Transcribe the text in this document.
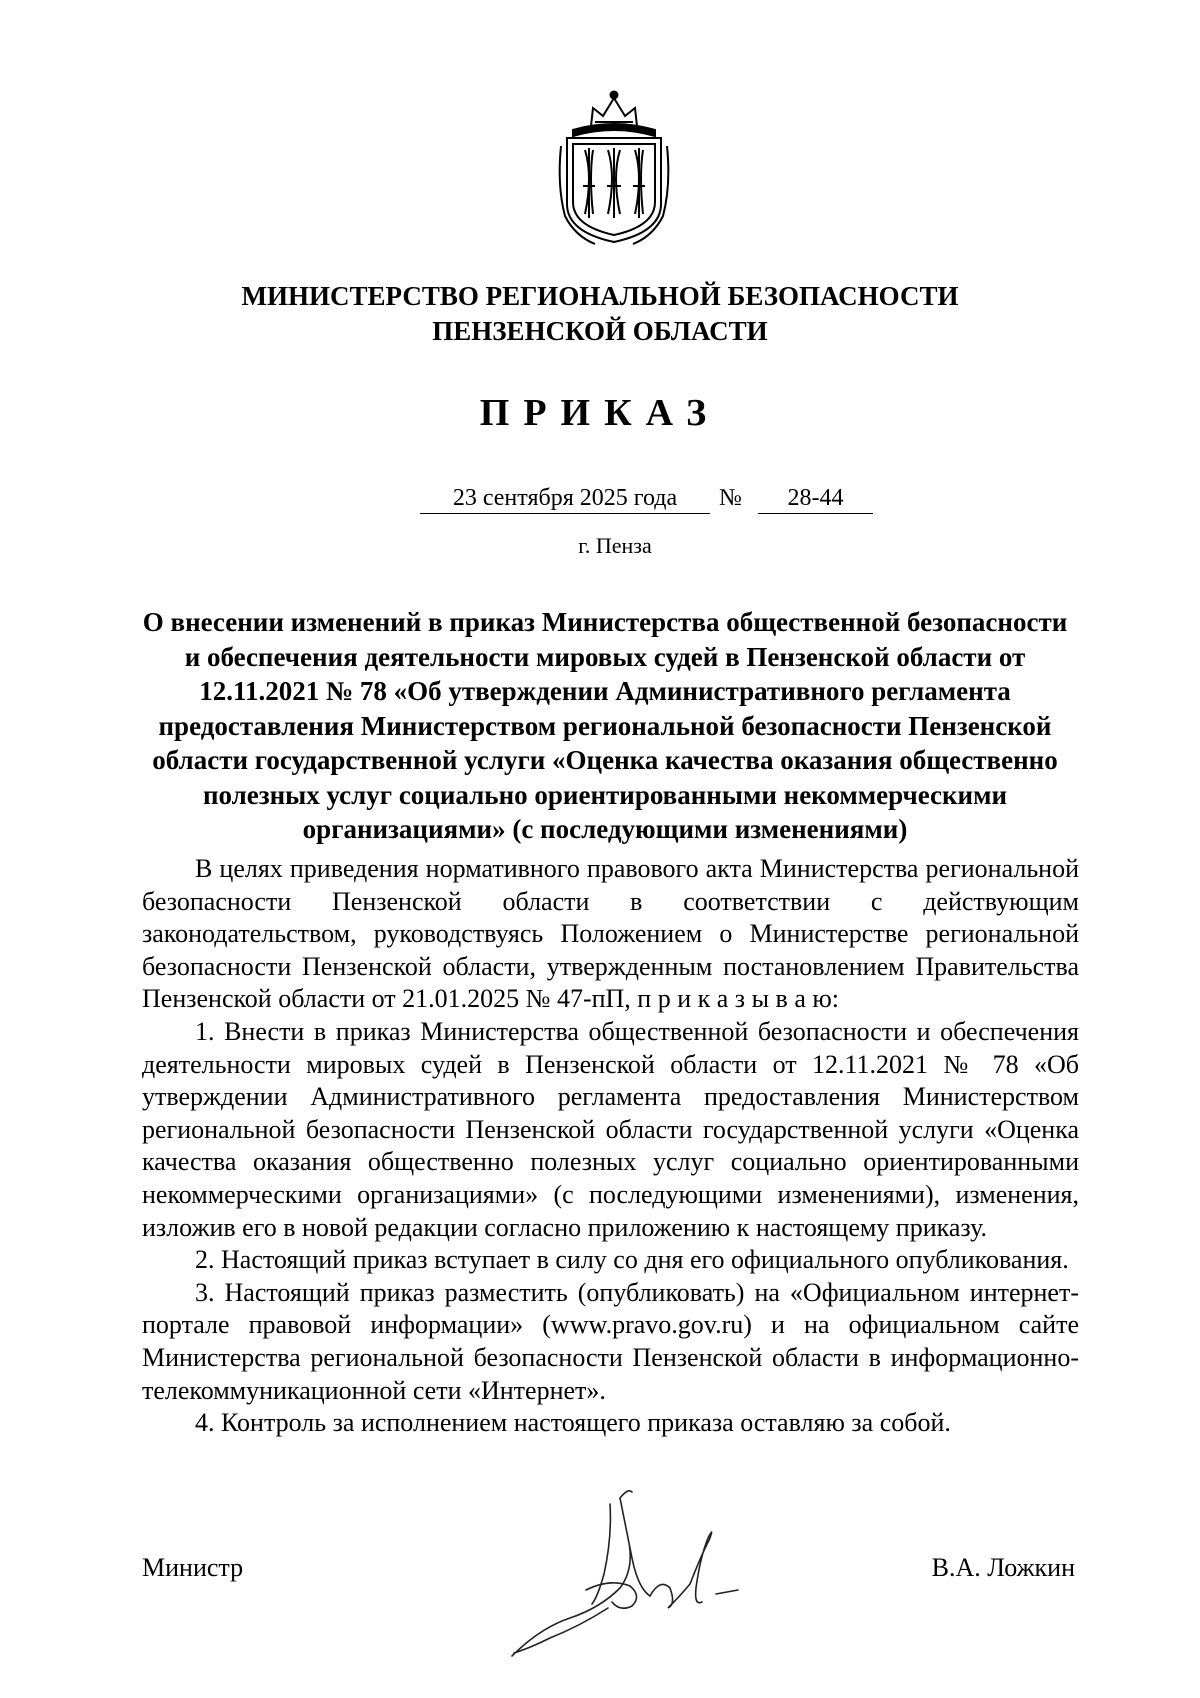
МИНИСТЕРСТВО РЕГИОНАЛЬНОЙ БЕЗОПАСНОСТИ
ПЕНЗЕНСКОЙ ОБЛАСТИ
ПРИКАЗ
23 сентября 2025 года	№	28-44
г. Пенза
О внесении изменений в приказ Министерства общественной безопасности и обеспечения деятельности мировых судей в Пензенской области от 12.11.2021 № 78 «Об утверждении Административного регламента предоставления Министерством региональной безопасности Пензенской области государственной услуги «Оценка качества оказания общественно полезных услуг социально ориентированными некоммерческими организациями» (с последующими изменениями)

В целях приведения нормативного правового акта Министерства региональной безопасности Пензенской области в соответствии с действующим законодательством, руководствуясь Положением о Министерстве региональной безопасности Пензенской области, утвержденным постановлением Правительства Пензенской области от 21.01.2025 № 47-пП, п р и к а з ы в а ю:

1. Внести в приказ Министерства общественной безопасности и обеспечения деятельности мировых судей в Пензенской области от 12.11.2021 № 78 «Об утверждении Административного регламента предоставления Министерством региональной безопасности Пензенской области государственной услуги «Оценка качества оказания общественно полезных услуг социально ориентированными некоммерческими организациями» (с последующими изменениями), изменения, изложив его в новой редакции согласно приложению к настоящему приказу.

2. Настоящий приказ вступает в силу со дня его официального опубликования.

3. Настоящий приказ разместить (опубликовать) на «Официальном интернет-портале правовой информации» (www.pravo.gov.ru) и на официальном сайте Министерства региональной безопасности Пензенской области в информационно-телекоммуникационной сети «Интернет».

4. Контроль за исполнением настоящего приказа оставляю за собой.

Министр	В.А. Ложкин
